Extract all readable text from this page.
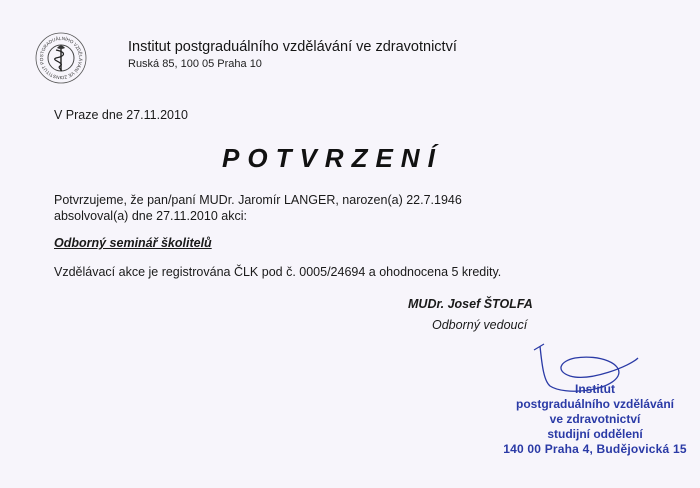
INSTITUT POSTGRADUÁLNÍHO VZDĚLÁVÁNÍ VE ZD
Institut postgraduálního vzdělávání ve zdravotnictví
Ruská 85, 100 05 Praha 10
V Praze dne 27.11.2010
POTVRZENÍ
Potvrzujeme, že pan/paní MUDr. Jaromír LANGER, narozen(a) 22.7.1946
absolvoval(a) dne 27.11.2010 akci:
Odborný seminář školitelů
Vzdělávací akce je registrována ČLK pod č. 0005/24694 a ohodnocena 5 kredity.
MUDr. Josef ŠTOLFA
Odborný vedoucí
Institut
postgraduálního vzdělávání
ve zdravotnictví
studijní oddělení
140 00 Praha 4, Budějovická 15
